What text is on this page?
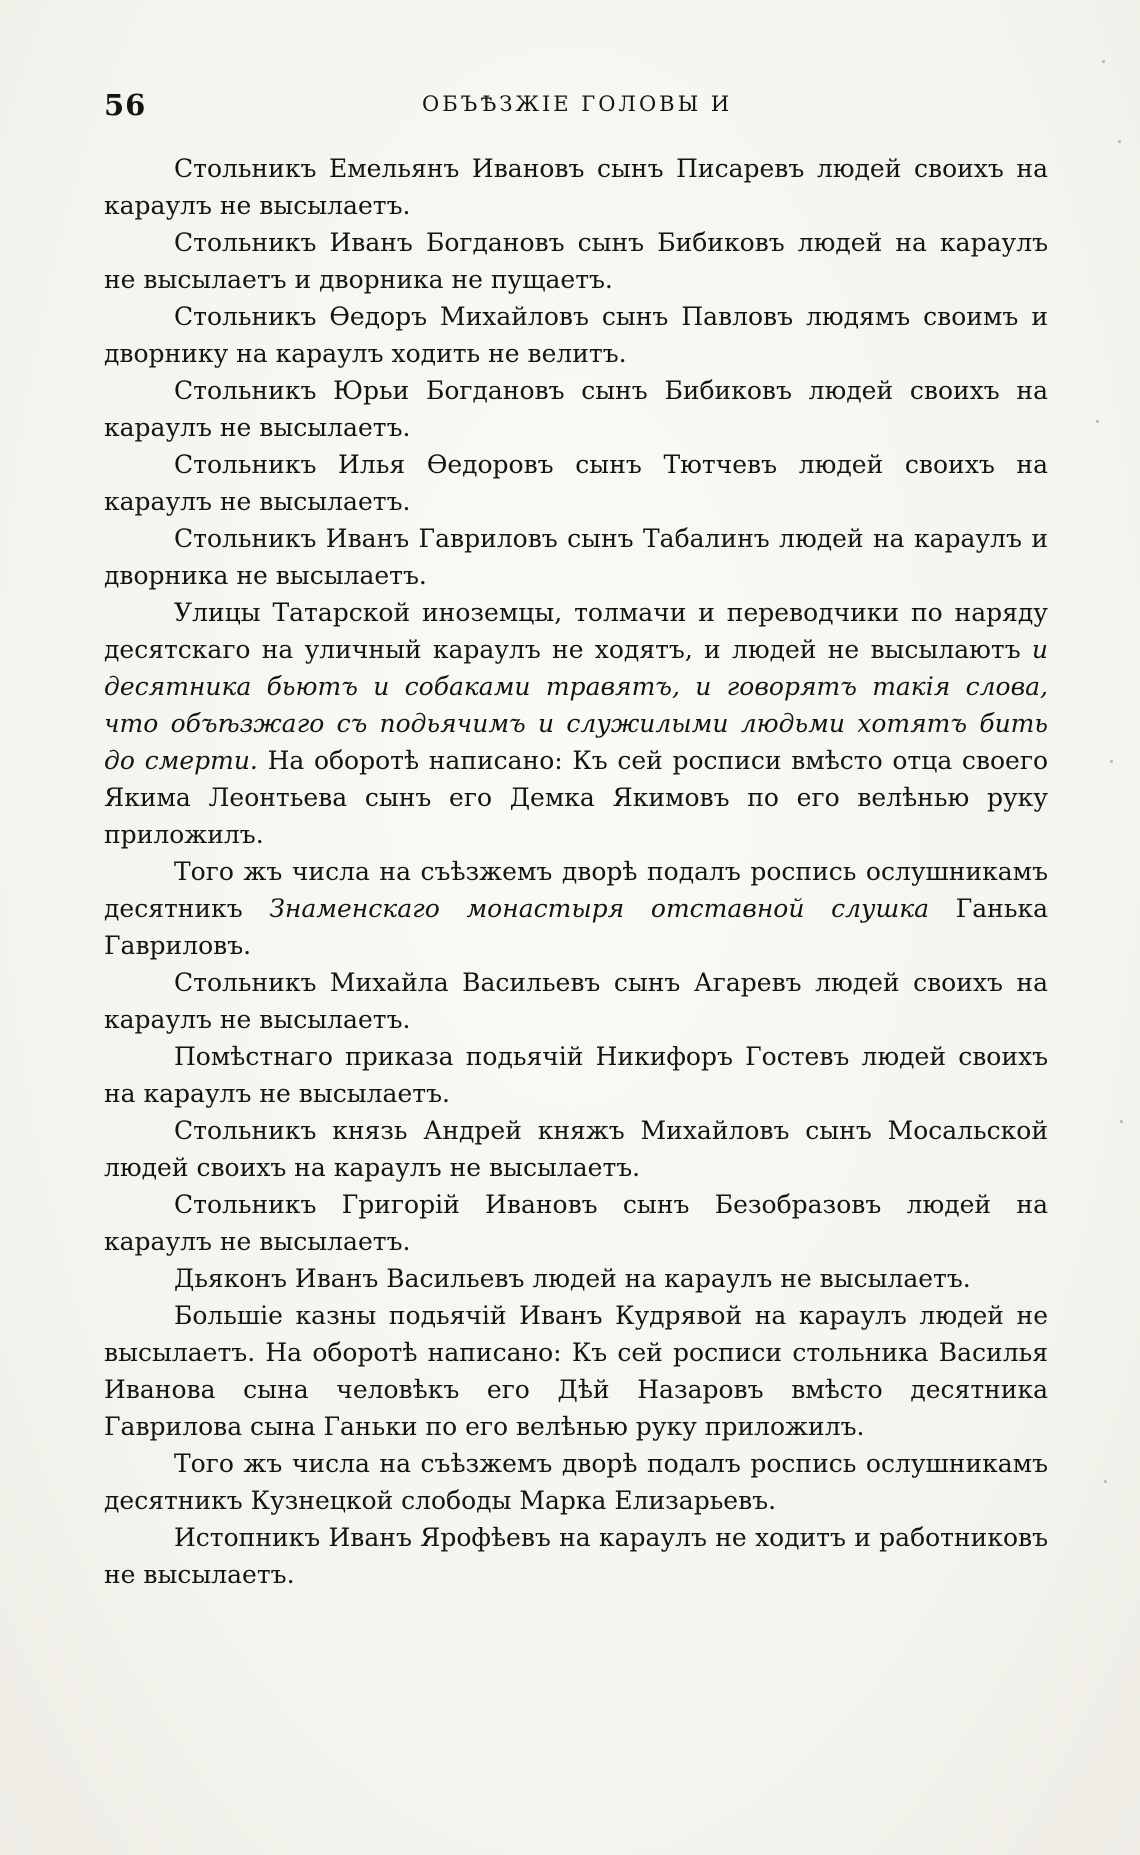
56	ОБЪѢЗЖІЕ ГОЛОВЫ И

Стольникъ Емельянъ Ивановъ сынъ Писаревъ людей своихъ на караулъ не высылаетъ.

Стольникъ Иванъ Богдановъ сынъ Бибиковъ людей на караулъ не высылаетъ и дворника не пущаетъ.

Стольникъ Ѳедоръ Михайловъ сынъ Павловъ людямъ своимъ и дворнику на караулъ ходить не велитъ.

Стольникъ Юрьи Богдановъ сынъ Бибиковъ людей своихъ на караулъ не высылаетъ.

Стольникъ Илья Ѳедоровъ сынъ Тютчевъ людей своихъ на караулъ не высылаетъ.

Стольникъ Иванъ Гавриловъ сынъ Табалинъ людей на караулъ и дворника не высылаетъ.

Улицы Татарской иноземцы, толмачи и переводчики по наряду десятскаго на уличный караулъ не ходятъ, и людей не высылаютъ и десятника бьютъ и собаками травятъ, и говорятъ такія слова, что объѣзжаго съ подьячимъ и служилыми людьми хотятъ бить до смерти. На оборотѣ написано: Къ сей росписи вмѣсто отца своего Якима Леонтьева сынъ его Демка Якимовъ по его велѣнью руку приложилъ.

Того жъ числа на съѣзжемъ дворѣ подалъ роспись ослушникамъ десятникъ Знаменскаго монастыря отставной слушка Ганька Гавриловъ.

Стольникъ Михайла Васильевъ сынъ Агаревъ людей своихъ на караулъ не высылаетъ.

Помѣстнаго приказа подьячій Никифоръ Гостевъ людей своихъ на караулъ не высылаетъ.

Стольникъ князь Андрей княжъ Михайловъ сынъ Мосальской людей своихъ на караулъ не высылаетъ.

Стольникъ Григорій Ивановъ сынъ Безобразовъ людей на караулъ не высылаетъ.

Дьяконъ Иванъ Васильевъ людей на караулъ не высылаетъ.

Большіе казны подьячій Иванъ Кудрявой на караулъ людей не высылаетъ. На оборотѣ написано: Къ сей росписи стольника Василья Иванова сына человѣкъ его Дѣй Назаровъ вмѣсто десятника Гаврилова сына Ганьки по его велѣнью руку приложилъ.

Того жъ числа на съѣзжемъ дворѣ подалъ роспись ослушникамъ десятникъ Кузнецкой слободы Марка Елизарьевъ.

Истопникъ Иванъ Ярофѣевъ на караулъ не ходитъ и работниковъ не высылаетъ.
